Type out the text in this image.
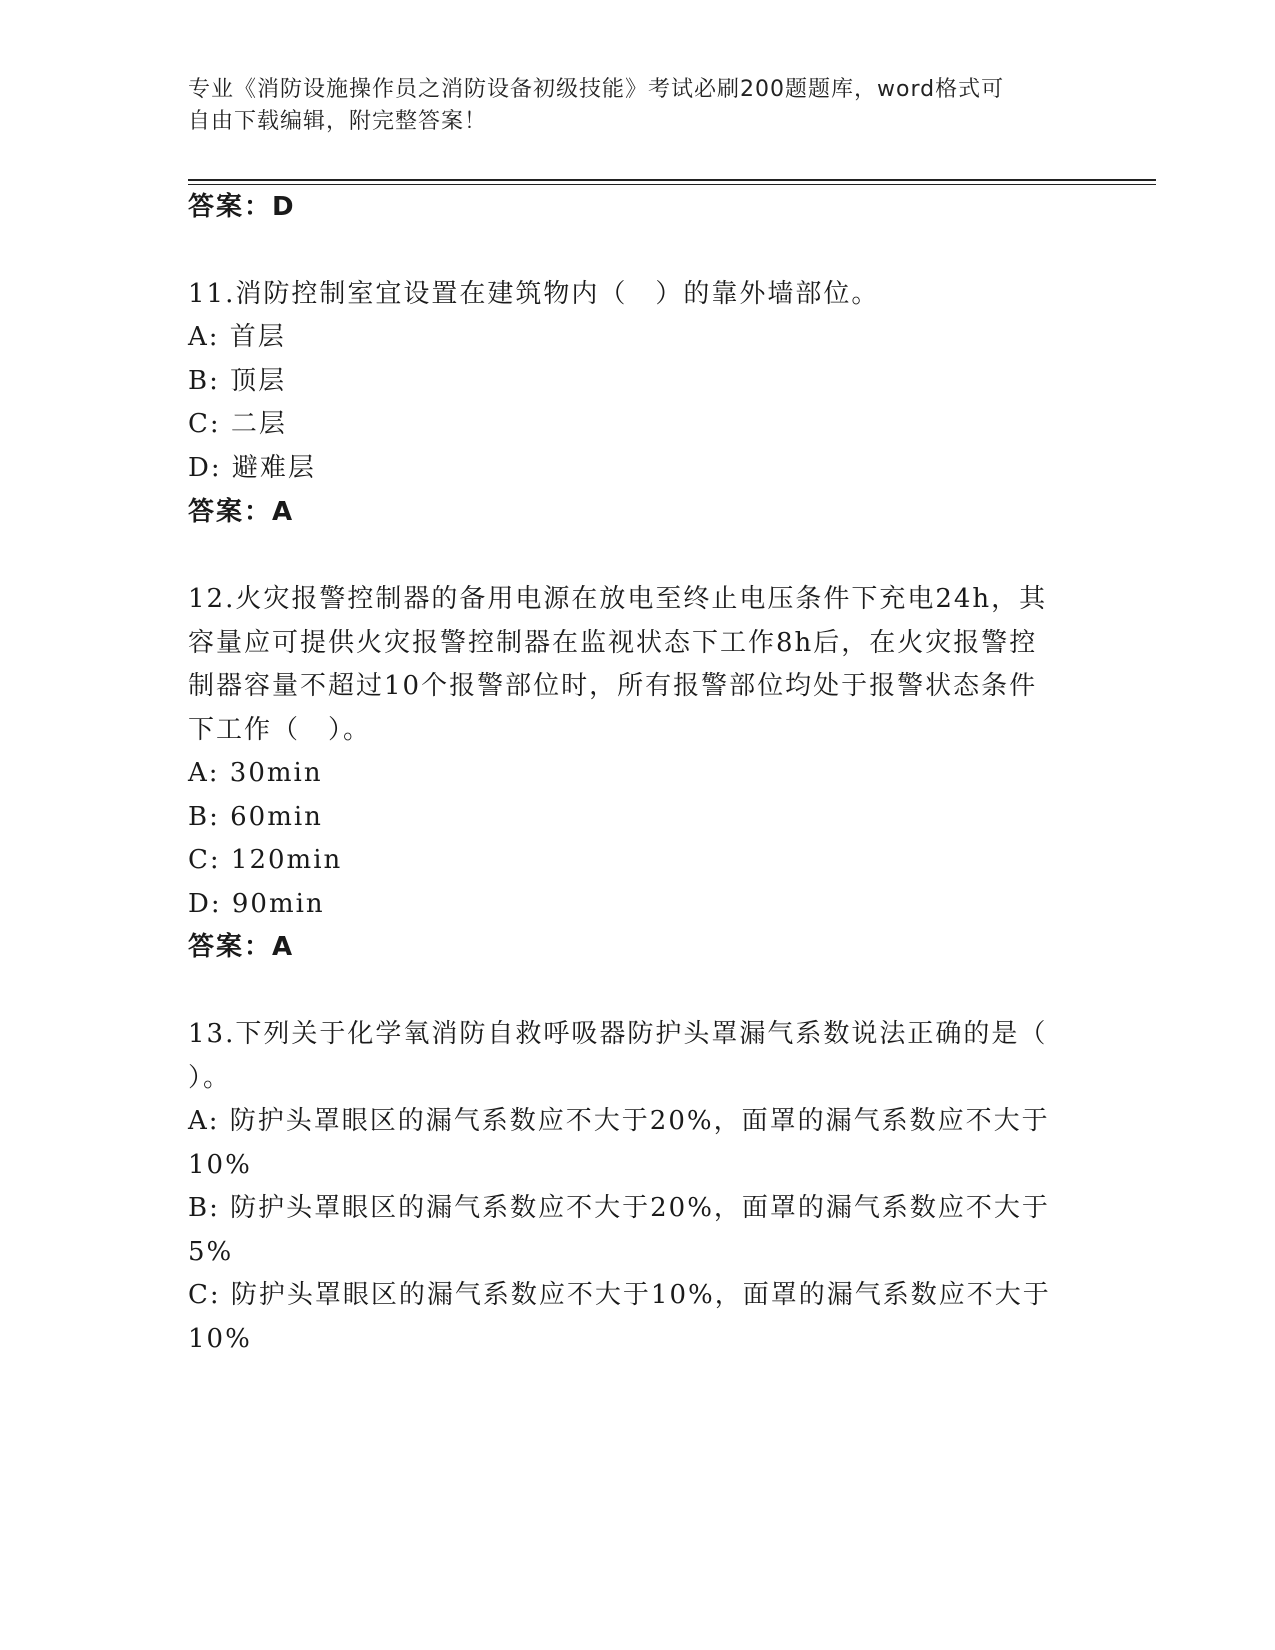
专业《消防设施操作员之消防设备初级技能》考试必刷200题题库，word格式可
自由下载编辑，附完整答案！
答案：D
11.消防控制室宜设置在建筑物内（　）的靠外墙部位。
A: 首层
B: 顶层
C: 二层
D: 避难层
答案：A
12.火灾报警控制器的备用电源在放电至终止电压条件下充电24h，其
容量应可提供火灾报警控制器在监视状态下工作8h后，在火灾报警控
制器容量不超过10个报警部位时，所有报警部位均处于报警状态条件
下工作（　）。
A: 30min
B: 60min
C: 120min
D: 90min
答案：A
13.下列关于化学氧消防自救呼吸器防护头罩漏气系数说法正确的是（
）。
A: 防护头罩眼区的漏气系数应不大于20%，面罩的漏气系数应不大于
10%
B: 防护头罩眼区的漏气系数应不大于20%，面罩的漏气系数应不大于
5%
C: 防护头罩眼区的漏气系数应不大于10%，面罩的漏气系数应不大于
10%
